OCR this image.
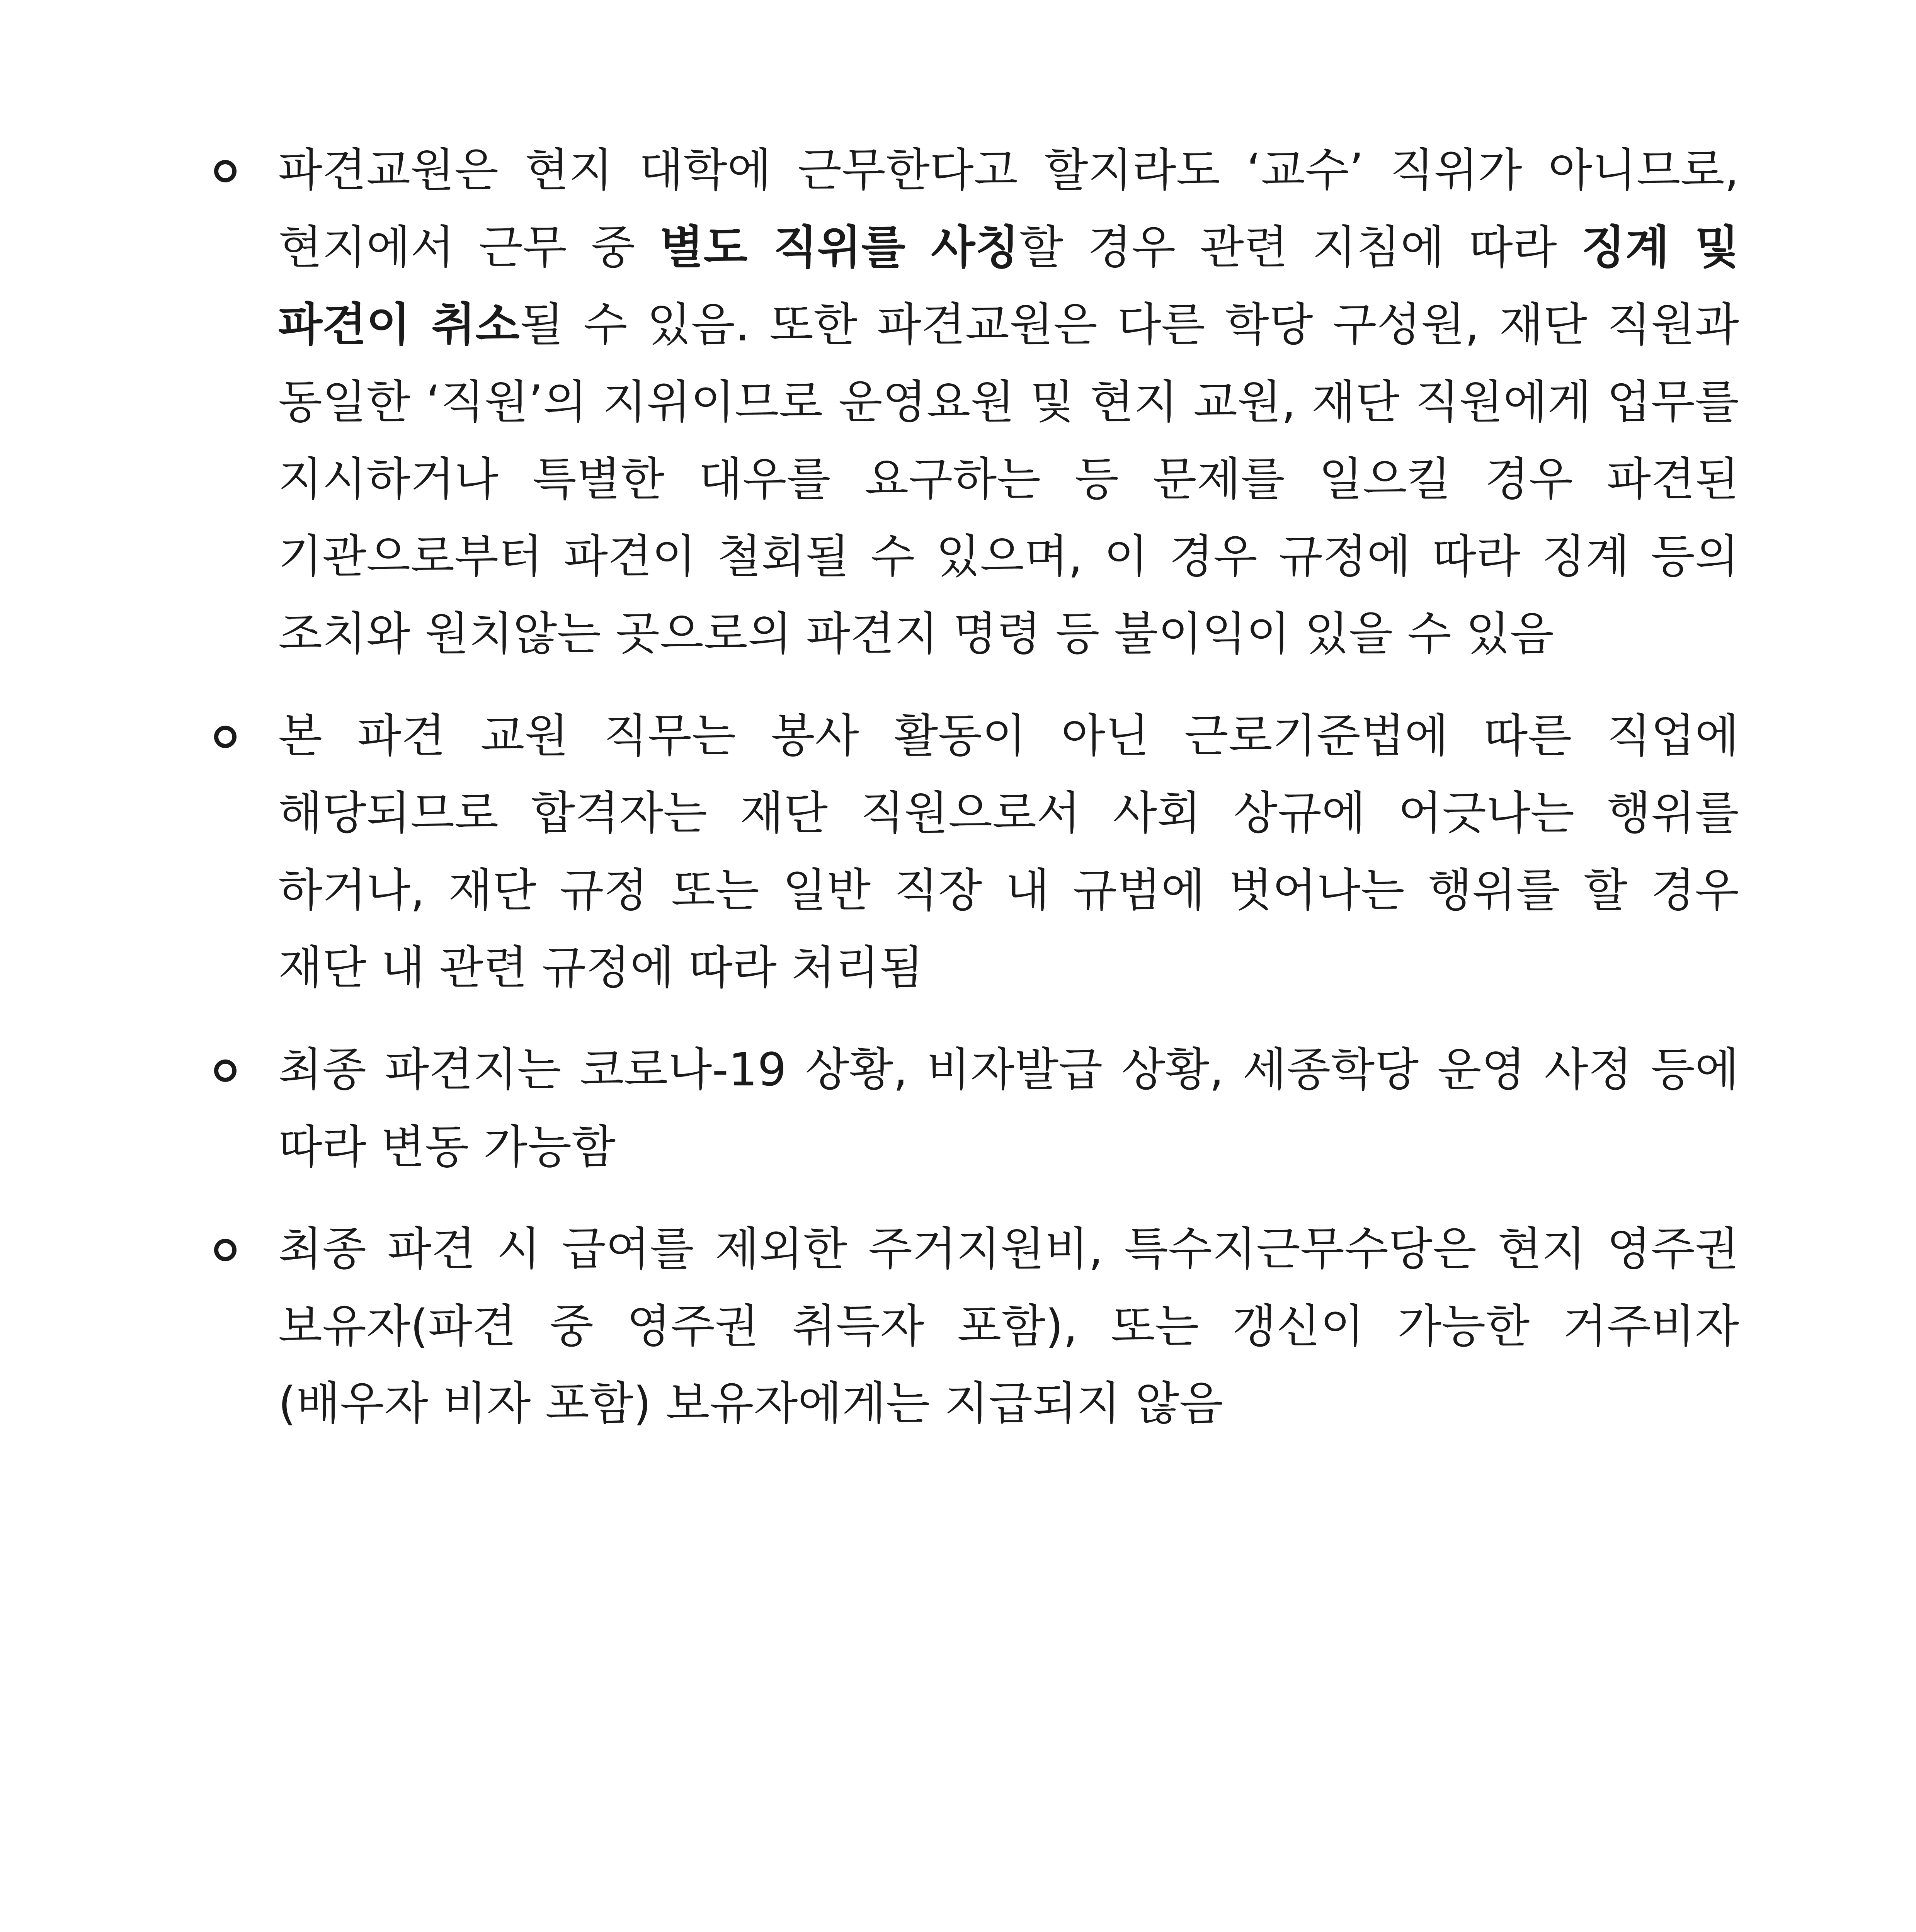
파견교원은 현지 대학에 근무한다고 할지라도 ‘교수’ 직위가 아니므로, 현지에서 근무 중 별도 직위를 사칭할 경우 관련 지침에 따라 징계 및 파견이 취소될 수 있음. 또한 파견교원은 다른 학당 구성원, 재단 직원과 동일한 ‘직원’의 지위이므로 운영요원 및 현지 교원, 재단 직원에게 업무를 지시하거나 특별한 대우를 요구하는 등 문제를 일으킬 경우 파견된 기관으로부터 파견이 철회될 수 있으며, 이 경우 규정에 따라 징계 등의 조치와 원치않는 곳으로의 파견지 명령 등 불이익이 있을 수 있음
본 파견 교원 직무는 봉사 활동이 아닌 근로기준법에 따른 직업에 해당되므로 합격자는 재단 직원으로서 사회 상규에 어긋나는 행위를 하거나, 재단 규정 또는 일반 직장 내 규범에 벗어나는 행위를 할 경우 재단 내 관련 규정에 따라 처리됨
최종 파견지는 코로나-19 상황, 비자발급 상황, 세종학당 운영 사정 등에 따라 변동 가능함
최종 파견 시 급여를 제외한 주거지원비, 특수지근무수당은 현지 영주권 보유자(파견 중 영주권 취득자 포함), 또는 갱신이 가능한 거주비자(배우자 비자 포함) 보유자에게는 지급되지 않음
